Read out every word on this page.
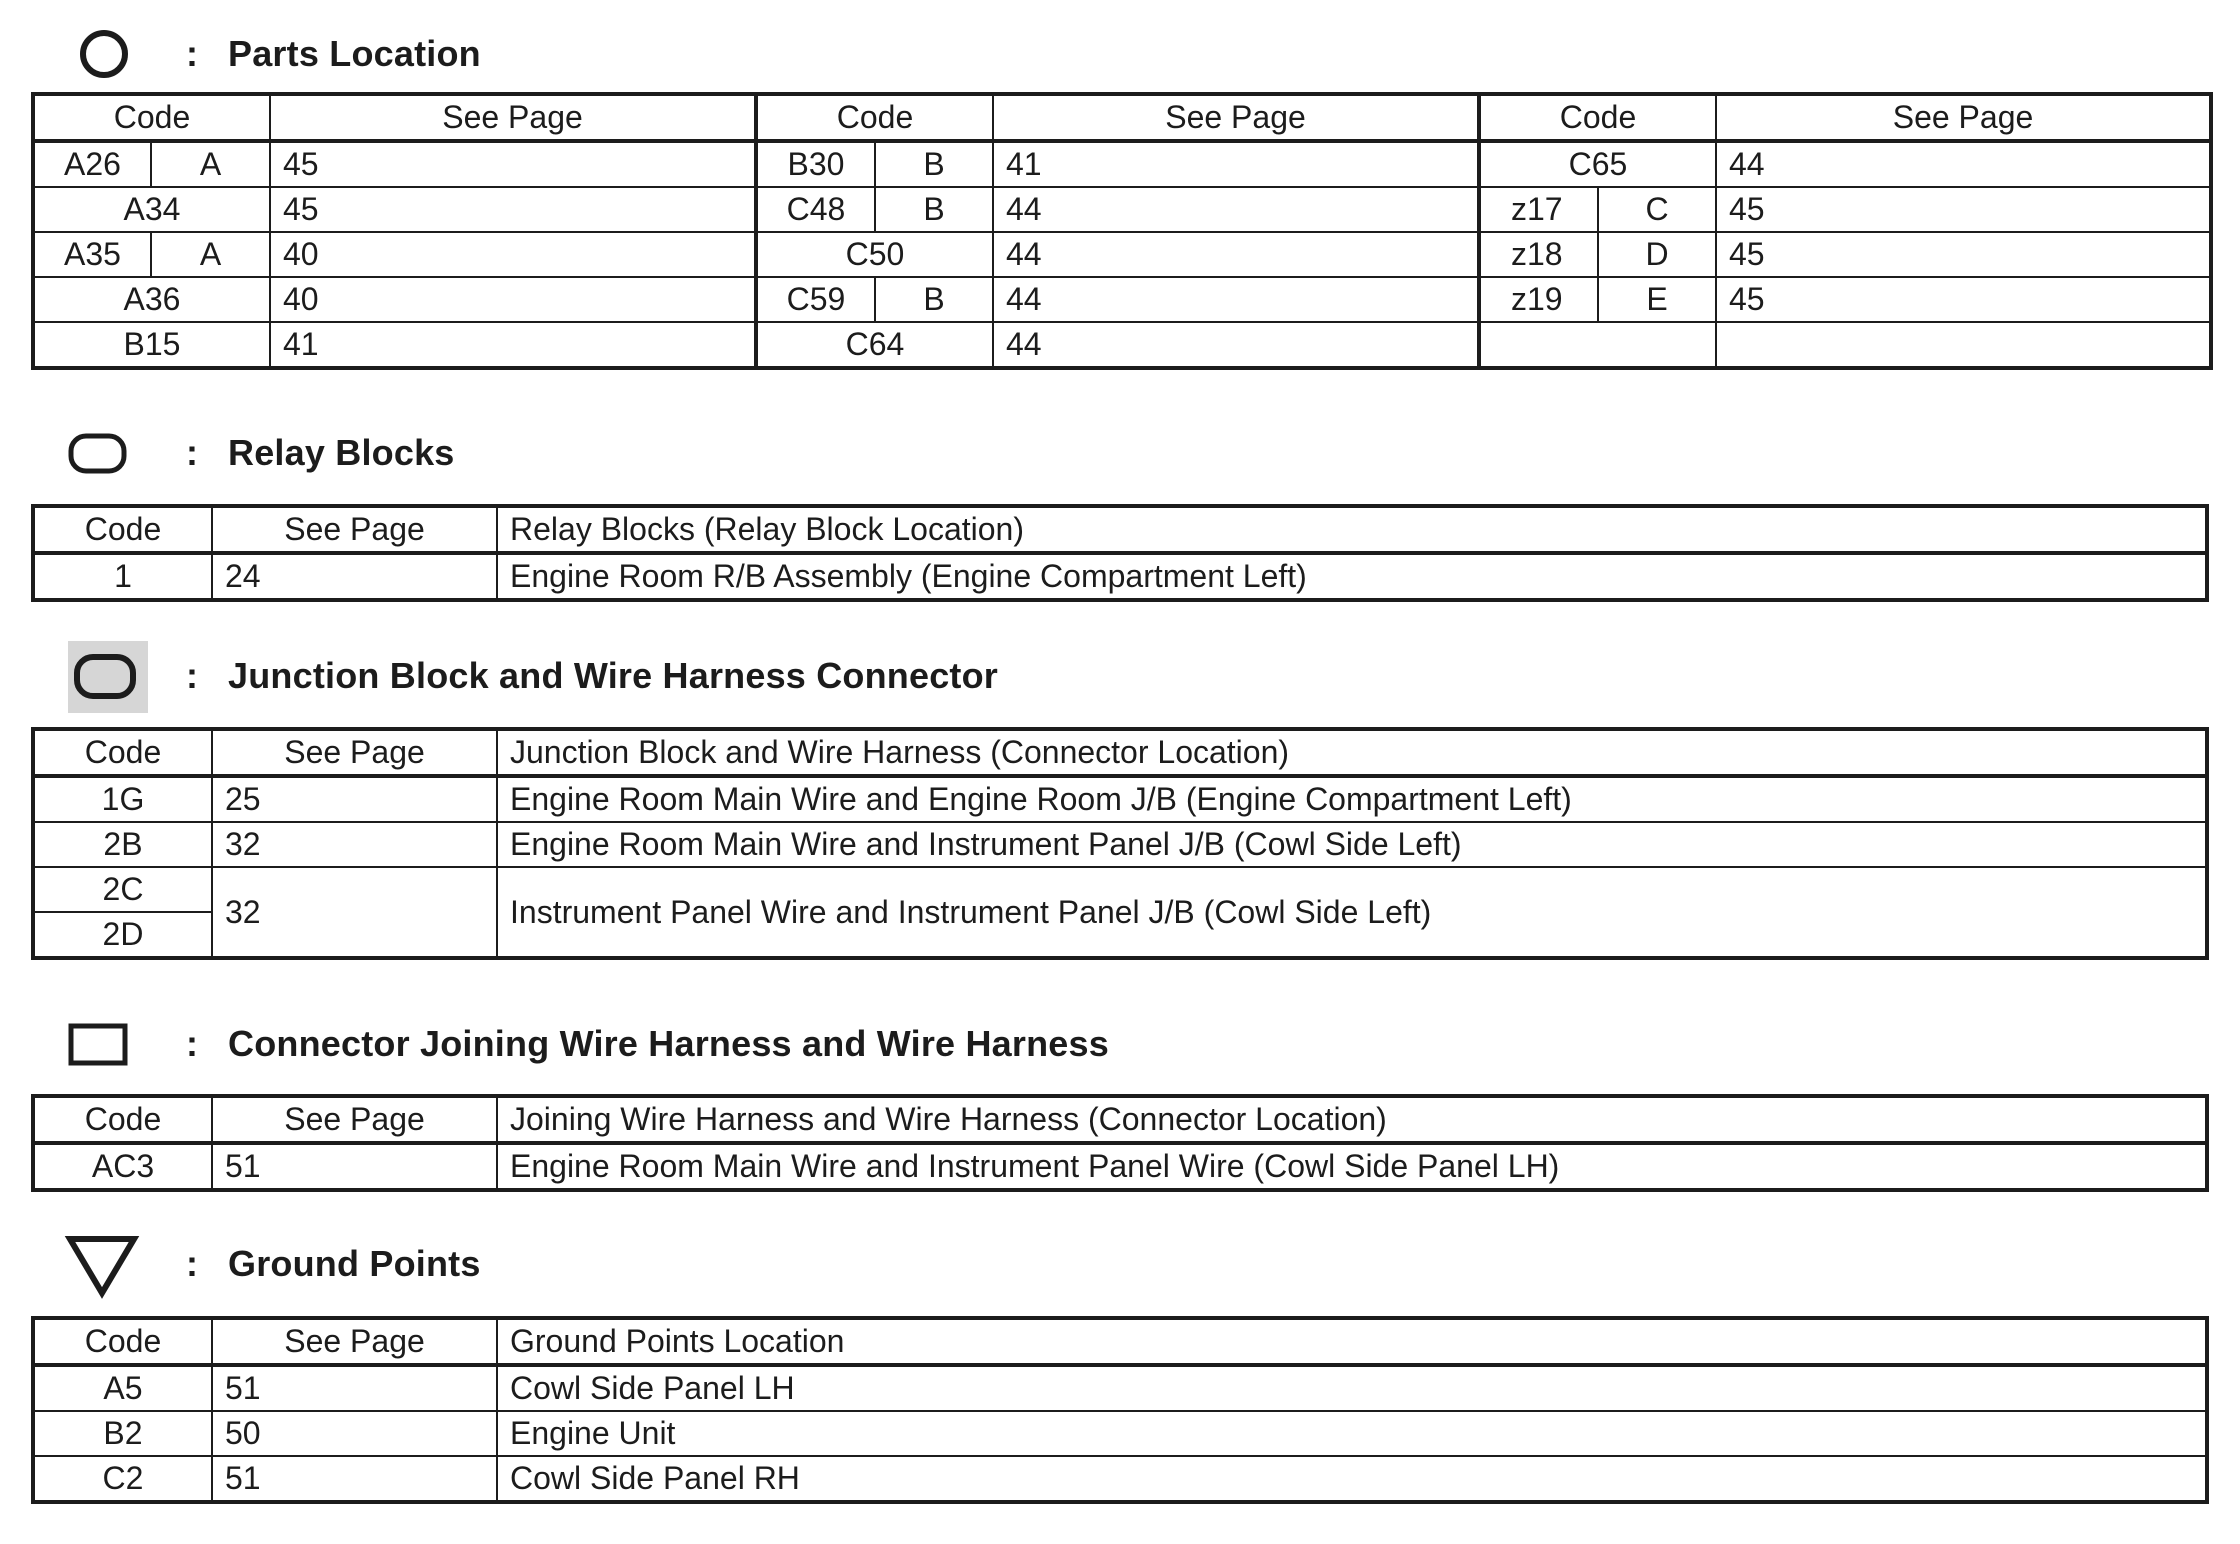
: Parts Location
Code		See Page	Code		See Page	Code		See Page
A26	A	45	B30	B	41	C65		44
A34		45	C48	B	44	z17	C	45
A35	A	40	C50		44	z18	D	45
A36		40	C59	B	44	z19	E	45
B15		41	C64		44			
: Relay Blocks
Code	See Page	Relay Blocks (Relay Block Location)
1	24	Engine Room R/B Assembly (Engine Compartment Left)
: Junction Block and Wire Harness Connector
Code	See Page	Junction Block and Wire Harness (Connector Location)
1G	25	Engine Room Main Wire and Engine Room J/B (Engine Compartment Left)
2B	32	Engine Room Main Wire and Instrument Panel J/B (Cowl Side Left)
2C	32	Instrument Panel Wire and Instrument Panel J/B (Cowl Side Left)
2D		
: Connector Joining Wire Harness and Wire Harness
Code	See Page	Joining Wire Harness and Wire Harness (Connector Location)
AC3	51	Engine Room Main Wire and Instrument Panel Wire (Cowl Side Panel LH)
: Ground Points
Code	See Page	Ground Points Location
A5	51	Cowl Side Panel LH
B2	50	Engine Unit
C2	51	Cowl Side Panel RH
